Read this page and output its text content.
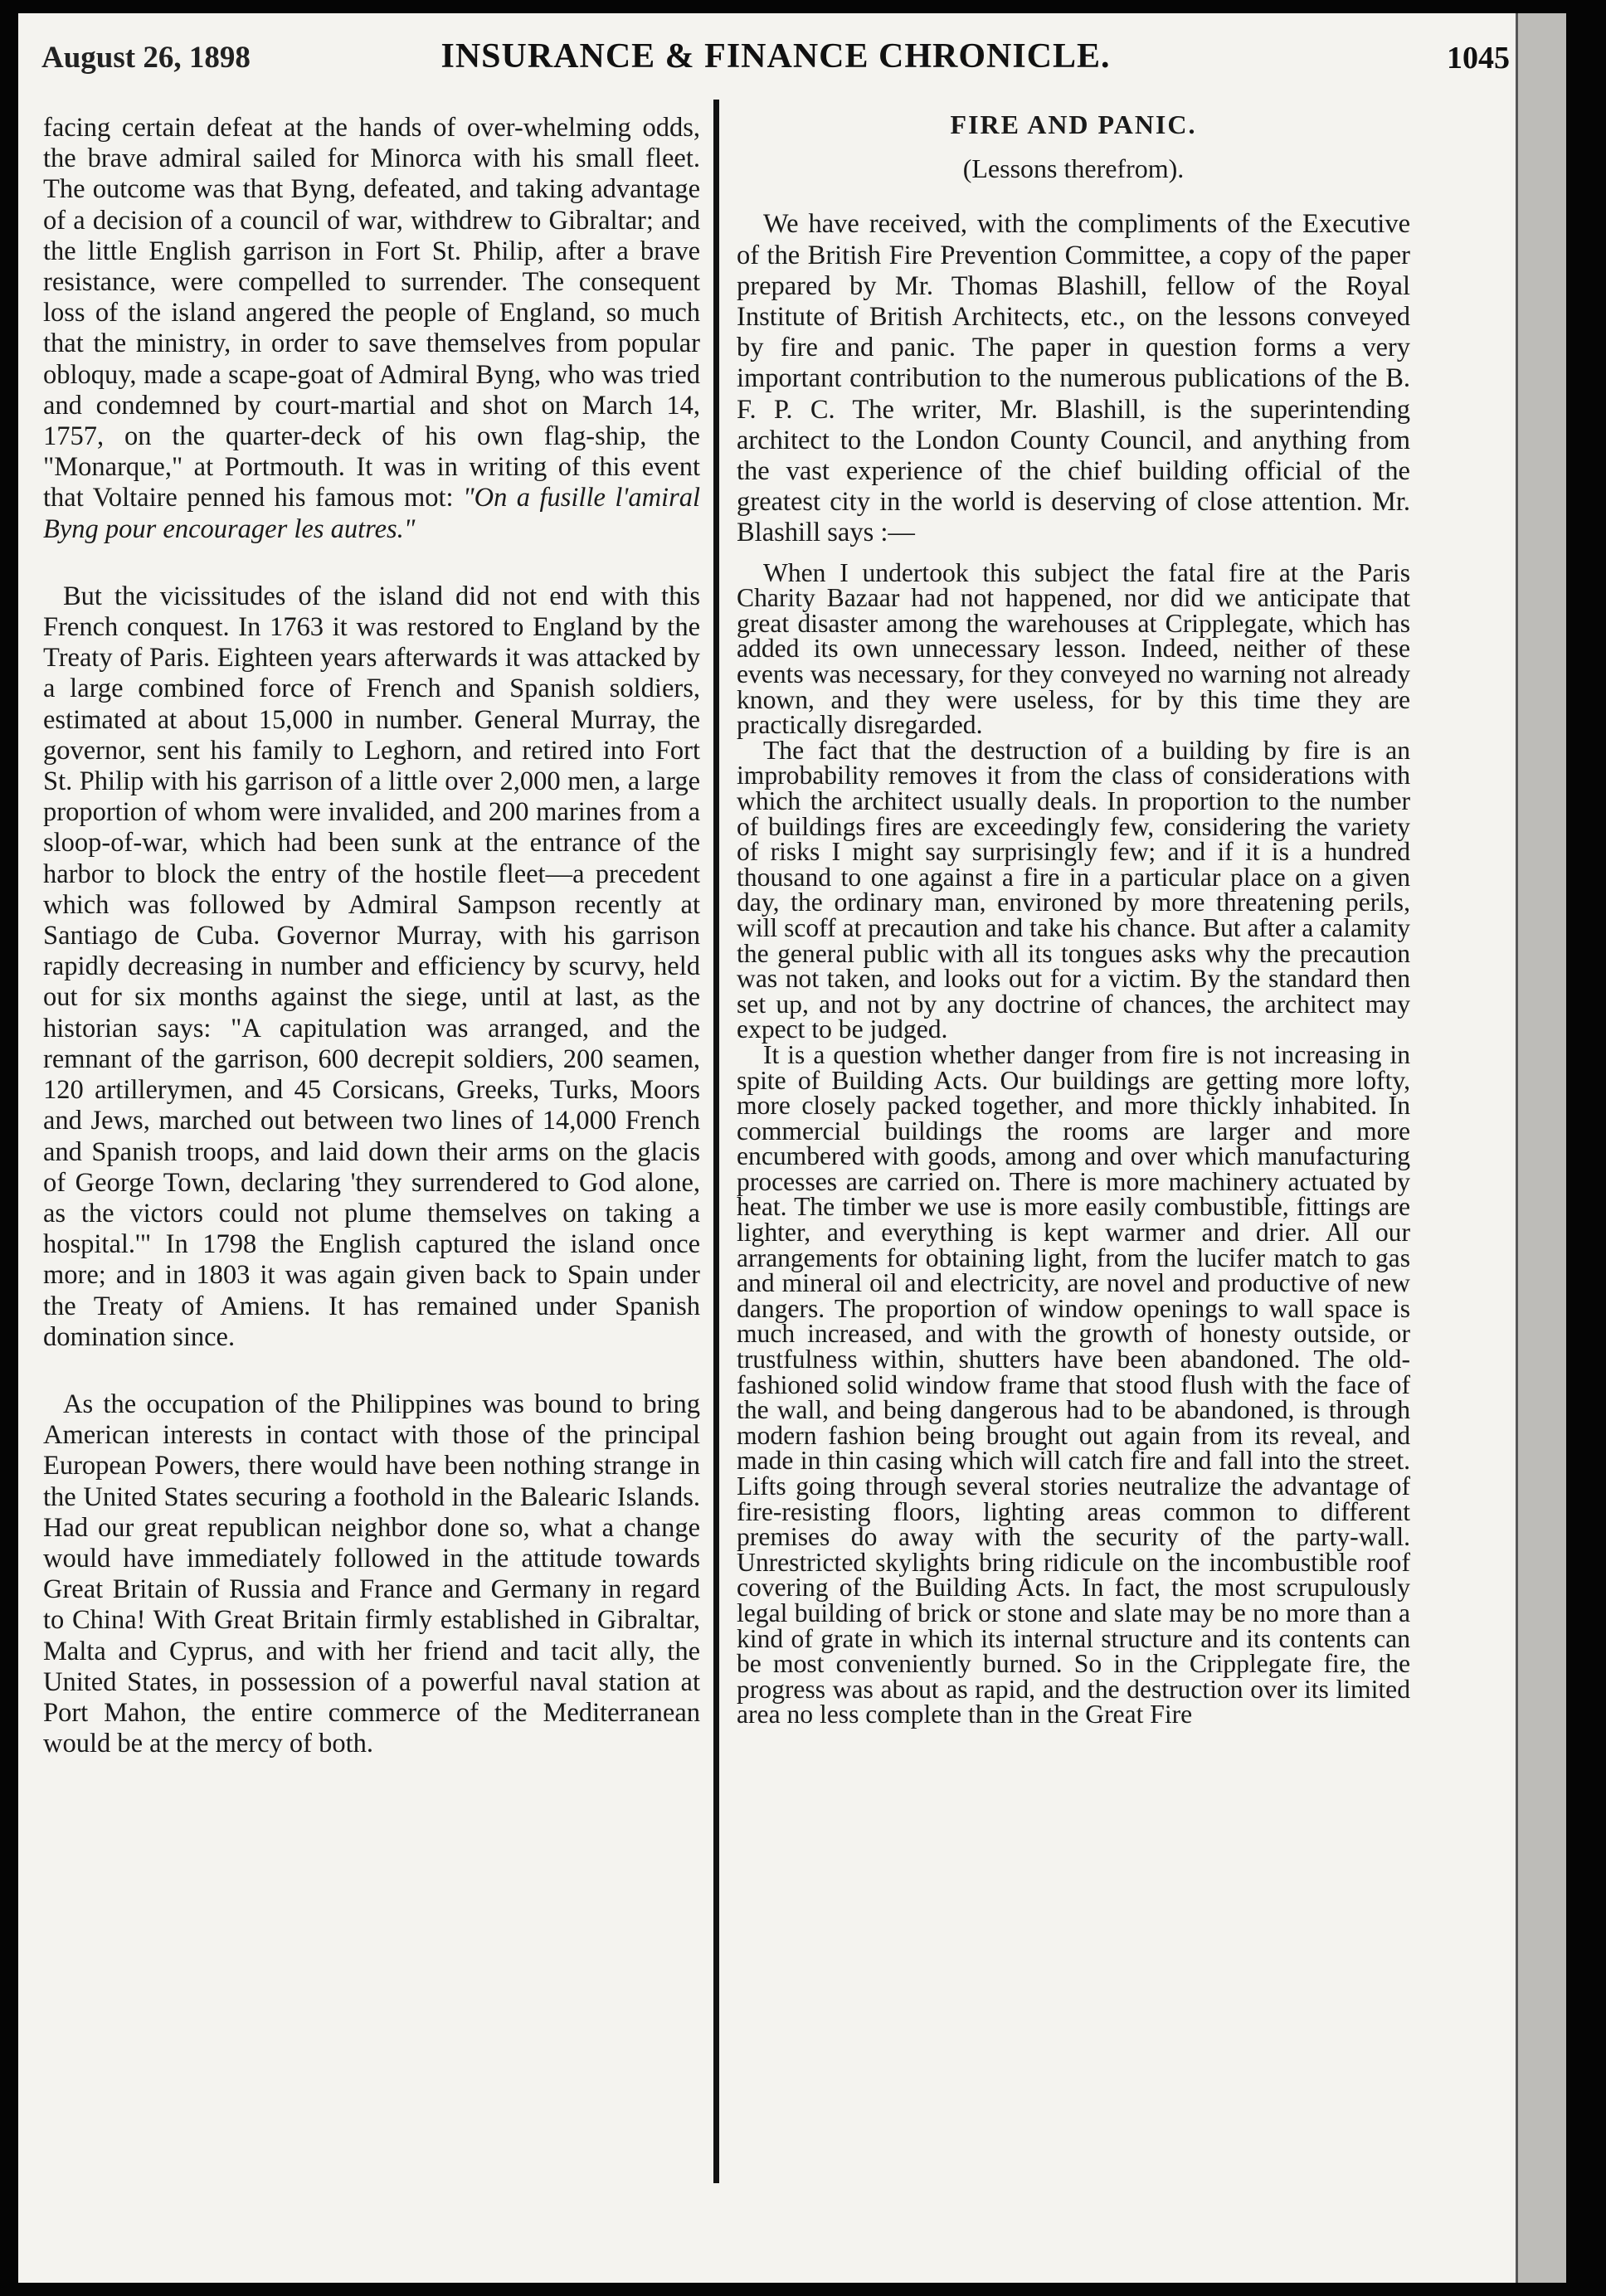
August 26, 1898	INSURANCE & FINANCE CHRONICLE.	1045

facing certain defeat at the hands of over-whelming odds, the brave admiral sailed for Minorca with his small fleet. The outcome was that Byng, defeated, and taking advantage of a decision of a council of war, withdrew to Gibraltar; and the little English garrison in Fort St. Philip, after a brave resistance, were compelled to surrender. The consequent loss of the island angered the people of England, so much that the ministry, in order to save themselves from popular obloquy, made a scape-goat of Admiral Byng, who was tried and condemned by court-martial and shot on March 14, 1757, on the quarter-deck of his own flag-ship, the "Monarque," at Portmouth. It was in writing of this event that Voltaire penned his famous mot: "On a fusille l'amiral Byng pour encourager les autres."

But the vicissitudes of the island did not end with this French conquest. In 1763 it was restored to England by the Treaty of Paris. Eighteen years afterwards it was attacked by a large combined force of French and Spanish soldiers, estimated at about 15,000 in number. General Murray, the governor, sent his family to Leghorn, and retired into Fort St. Philip with his garrison of a little over 2,000 men, a large proportion of whom were invalided, and 200 marines from a sloop-of-war, which had been sunk at the entrance of the harbor to block the entry of the hostile fleet—a precedent which was followed by Admiral Sampson recently at Santiago de Cuba. Governor Murray, with his garrison rapidly decreasing in number and efficiency by scurvy, held out for six months against the siege, until at last, as the historian says: "A capitulation was arranged, and the remnant of the garrison, 600 decrepit soldiers, 200 seamen, 120 artillerymen, and 45 Corsicans, Greeks, Turks, Moors and Jews, marched out between two lines of 14,000 French and Spanish troops, and laid down their arms on the glacis of George Town, declaring 'they surrendered to God alone, as the victors could not plume themselves on taking a hospital.'" In 1798 the English captured the island once more; and in 1803 it was again given back to Spain under the Treaty of Amiens. It has remained under Spanish domination since.

As the occupation of the Philippines was bound to bring American interests in contact with those of the principal European Powers, there would have been nothing strange in the United States securing a foothold in the Balearic Islands. Had our great republican neighbor done so, what a change would have immediately followed in the attitude towards Great Britain of Russia and France and Germany in regard to China! With Great Britain firmly established in Gibraltar, Malta and Cyprus, and with her friend and tacit ally, the United States, in possession of a powerful naval station at Port Mahon, the entire commerce of the Mediterranean would be at the mercy of both.

FIRE AND PANIC.
(Lessons therefrom).

We have received, with the compliments of the Executive of the British Fire Prevention Committee, a copy of the paper prepared by Mr. Thomas Blashill, fellow of the Royal Institute of British Architects, etc., on the lessons conveyed by fire and panic. The paper in question forms a very important contribution to the numerous publications of the B. F. P. C. The writer, Mr. Blashill, is the superintending architect to the London County Council, and anything from the vast experience of the chief building official of the greatest city in the world is deserving of close attention. Mr. Blashill says :—

When I undertook this subject the fatal fire at the Paris Charity Bazaar had not happened, nor did we anticipate that great disaster among the warehouses at Cripplegate, which has added its own unnecessary lesson. Indeed, neither of these events was necessary, for they conveyed no warning not already known, and they were useless, for by this time they are practically disregarded.

The fact that the destruction of a building by fire is an improbability removes it from the class of considerations with which the architect usually deals. In proportion to the number of buildings fires are exceedingly few, considering the variety of risks I might say surprisingly few; and if it is a hundred thousand to one against a fire in a particular place on a given day, the ordinary man, environed by more threatening perils, will scoff at precaution and take his chance. But after a calamity the general public with all its tongues asks why the precaution was not taken, and looks out for a victim. By the standard then set up, and not by any doctrine of chances, the architect may expect to be judged.

It is a question whether danger from fire is not increasing in spite of Building Acts. Our buildings are getting more lofty, more closely packed together, and more thickly inhabited. In commercial buildings the rooms are larger and more encumbered with goods, among and over which manufacturing processes are carried on. There is more machinery actuated by heat. The timber we use is more easily combustible, fittings are lighter, and everything is kept warmer and drier. All our arrangements for obtaining light, from the lucifer match to gas and mineral oil and electricity, are novel and productive of new dangers. The proportion of window openings to wall space is much increased, and with the growth of honesty outside, or trustfulness within, shutters have been abandoned. The old-fashioned solid window frame that stood flush with the face of the wall, and being dangerous had to be abandoned, is through modern fashion being brought out again from its reveal, and made in thin casing which will catch fire and fall into the street. Lifts going through several stories neutralize the advantage of fire-resisting floors, lighting areas common to different premises do away with the security of the party-wall. Unrestricted skylights bring ridicule on the incombustible roof covering of the Building Acts. In fact, the most scrupulously legal building of brick or stone and slate may be no more than a kind of grate in which its internal structure and its contents can be most conveniently burned. So in the Cripplegate fire, the progress was about as rapid, and the destruction over its limited area no less complete than in the Great Fire
